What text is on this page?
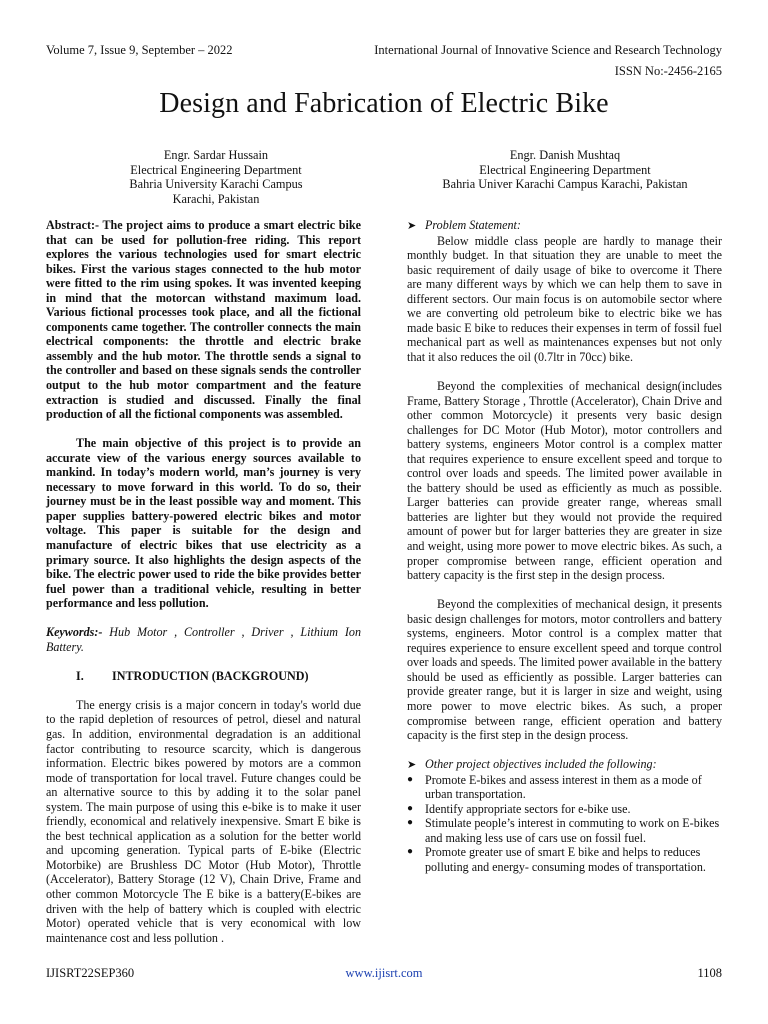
Volume 7, Issue 9, September – 2022	International Journal of Innovative Science and Research Technology
ISSN No:-2456-2165
Design and Fabrication of Electric Bike
Engr. Sardar Hussain
Electrical Engineering Department
Bahria University Karachi Campus
Karachi, Pakistan
Engr. Danish Mushtaq
Electrical Engineering Department
Bahria Univer Karachi Campus Karachi, Pakistan

Abstract:- The project aims to produce a smart electric bike that can be used for pollution-free riding. This report explores the various technologies used for smart electric bikes. First the various stages connected to the hub motor were fitted to the rim using spokes. It was invented keeping in mind that the motorcan withstand maximum load. Various fictional processes took place, and all the fictional components came together. The controller connects the main electrical components: the throttle and electric brake assembly and the hub motor. The throttle sends a signal to the controller and based on these signals sends the controller output to the hub motor compartment and the feature extraction is studied and discussed. Finally the final production of all the fictional components was assembled.

The main objective of this project is to provide an accurate view of the various energy sources available to mankind. In today’s modern world, man’s journey is very necessary to move forward in this world. To do so, their journey must be in the least possible way and moment. This paper supplies battery-powered electric bikes and motor voltage. This paper is suitable for the design and manufacture of electric bikes that use electricity as a primary source. It also highlights the design aspects of the bike. The electric power used to ride the bike provides better fuel power than a traditional vehicle, resulting in better performance and less pollution.

Keywords:- Hub Motor , Controller , Driver , Lithium Ion Battery.

I.	INTRODUCTION (BACKGROUND)

The energy crisis is a major concern in today's world due to the rapid depletion of resources of petrol, diesel and natural gas. In addition, environmental degradation is an additional factor contributing to resource scarcity, which is dangerous information. Electric bikes powered by motors are a common mode of transportation for local travel. Future changes could be an alternative source to this by adding it to the solar panel system. The main purpose of using this e-bike is to make it user friendly, economical and relatively inexpensive. Smart E bike is the best technical application as a solution for the better world and upcoming generation. Typical parts of E-bike (Electric Motorbike) are Brushless DC Motor (Hub Motor), Throttle (Accelerator), Battery Storage (12 V), Chain Drive, Frame and other common Motorcycle The E bike is a battery(E-bikes are driven with the help of battery which is coupled with electric Motor) operated vehicle that is very economical with low maintenance cost and less pollution .

➤ Problem Statement:

Below middle class people are hardly to manage their monthly budget. In that situation they are unable to meet the basic requirement of daily usage of bike to overcome it There are many different ways by which we can help them to save in different sectors. Our main focus is on automobile sector where we are converting old petroleum bike to electric bike we has made basic E bike to reduces their expenses in term of fossil fuel mechanical part as well as maintenances expenses but not only that it also reduces the oil (0.7ltr in 70cc) bike.

Beyond the complexities of mechanical design(includes Frame, Battery Storage , Throttle (Accelerator), Chain Drive and other common Motorcycle) it presents very basic design challenges for DC Motor (Hub Motor), motor controllers and battery systems, engineers Motor control is a complex matter that requires experience to ensure excellent speed and torque to control over loads and speeds. The limited power available in the battery should be used as efficiently as much as possible. Larger batteries can provide greater range, whereas small batteries are lighter but they would not provide the required amount of power but for larger batteries they are greater in size and weight, using more power to move electric bikes. As such, a proper compromise between range, efficient operation and battery capacity is the first step in the design process.

Beyond the complexities of mechanical design, it presents basic design challenges for motors, motor controllers and battery systems, engineers. Motor control is a complex matter that requires experience to ensure excellent speed and torque control over loads and speeds. The limited power available in the battery should be used as efficiently as possible. Larger batteries can provide greater range, but it is larger in size and weight, using more power to move electric bikes. As such, a proper compromise between range, efficient operation and battery capacity is the first step in the design process.

➤ Other project objectives included the following:
● Promote E-bikes and assess interest in them as a mode of urban transportation.
● Identify appropriate sectors for e-bike use.
● Stimulate people’s interest in commuting to work on E-bikes and making less use of cars use on fossil fuel.
● Promote greater use of smart E bike and helps to reduces polluting and energy- consuming modes of transportation.
IJISRT22SEP360	www.ijisrt.com	1108
